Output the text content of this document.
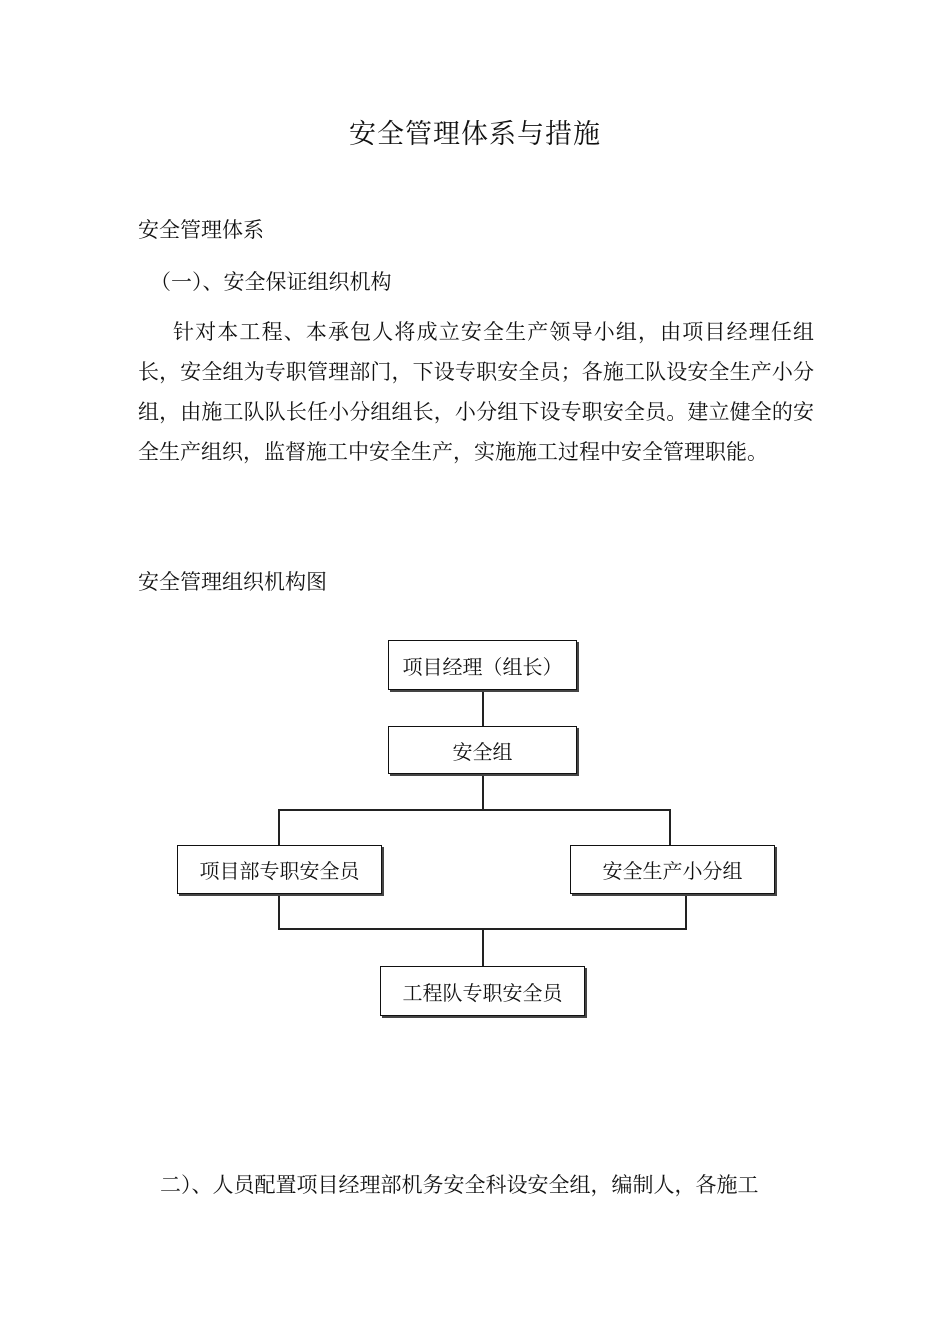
安全管理体系与措施
安全管理体系
（一）、安全保证组织机构

针对本工程、本承包人将成立安全生产领导小组，由项目经理任组长，安全组为专职管理部门，下设专职安全员；各施工队设安全生产小分组，由施工队队长任小分组组长，小分组下设专职安全员。建立健全的安全生产组织，监督施工中安全生产，实施施工过程中安全管理职能。

安全管理组织机构图
项目经理（组长）
安全组
项目部专职安全员	安全生产小分组
工程队专职安全员
二）、人员配置项目经理部机务安全科设安全组，编制人，各施工
